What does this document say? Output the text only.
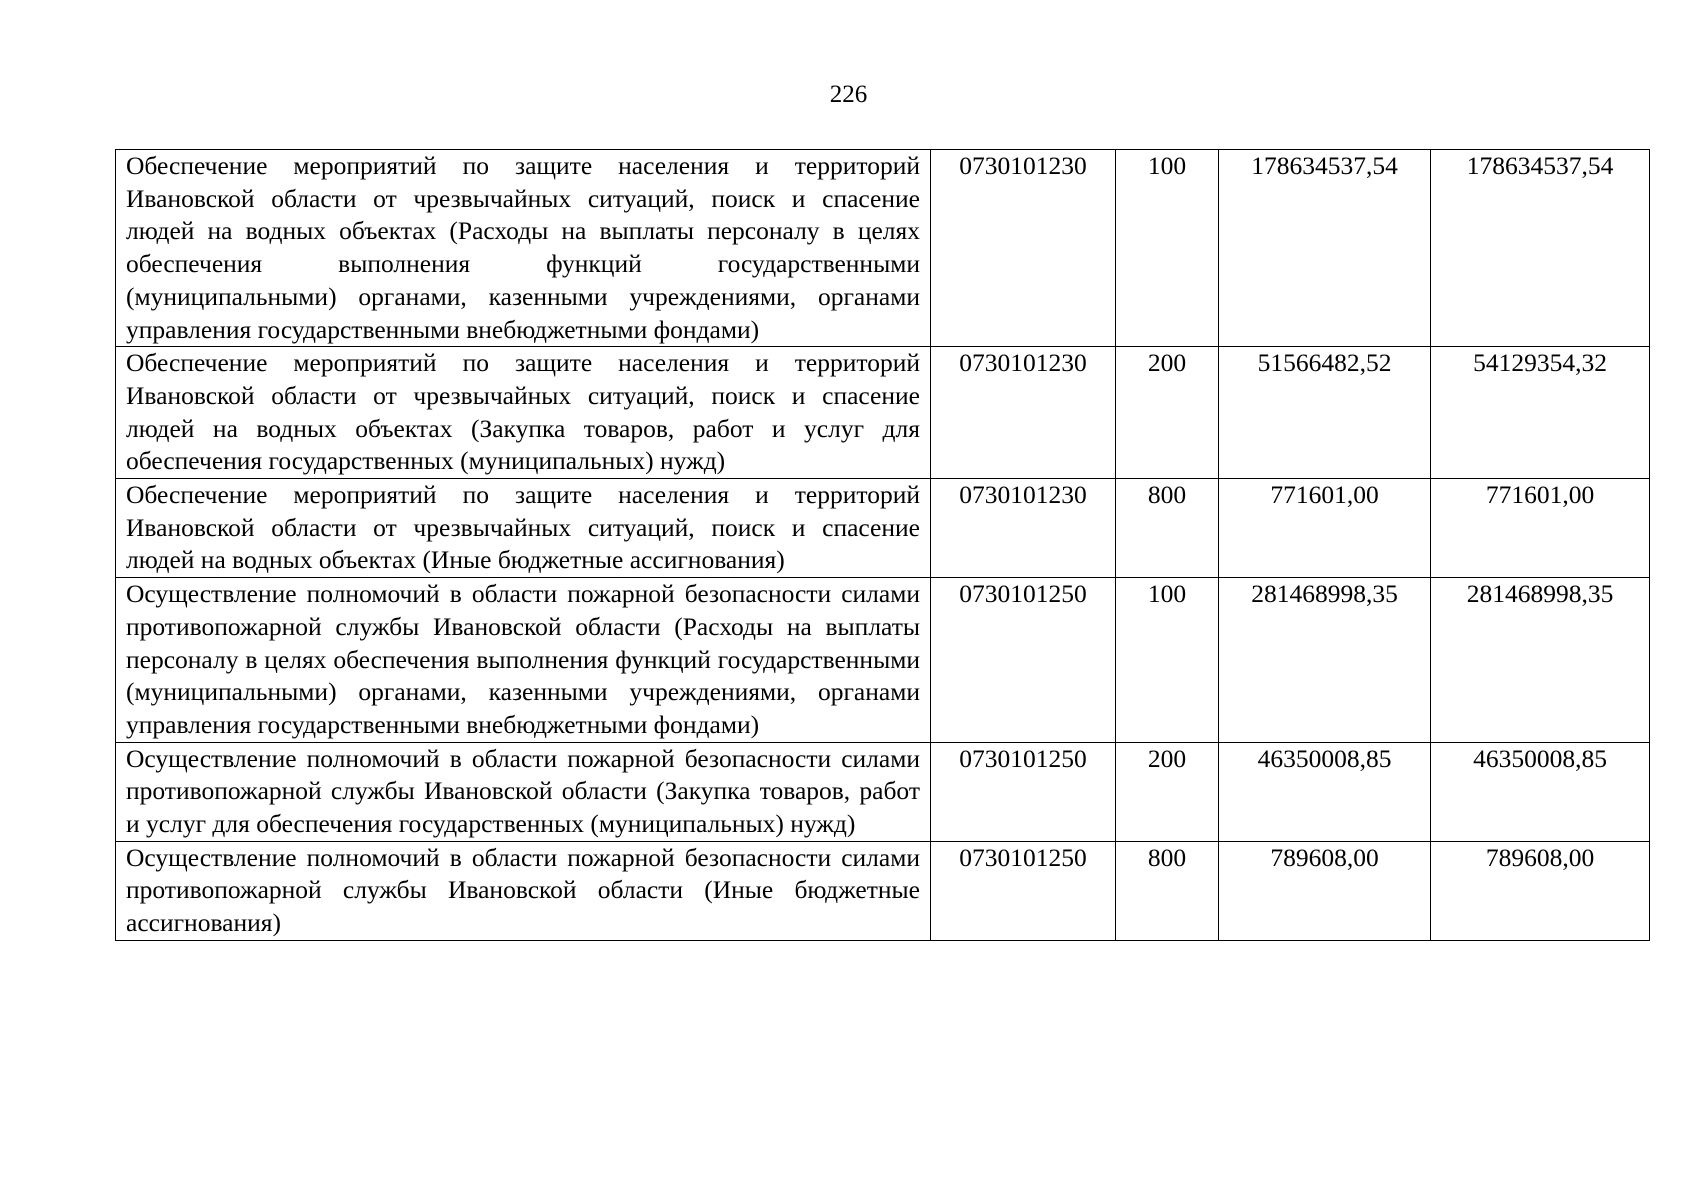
226
Обеспечение мероприятий по защите населения и территорий Ивановской области от чрезвычайных ситуаций, поиск и спасение людей на водных объектах (Расходы на выплаты персоналу в целях обеспечения выполнения функций государственными (муниципальными) органами, казенными учреждениями, органами управления государственными внебюджетными фондами)	0730101230	100	178634537,54	178634537,54
Обеспечение мероприятий по защите населения и территорий Ивановской области от чрезвычайных ситуаций, поиск и спасение людей на водных объектах (Закупка товаров, работ и услуг для обеспечения государственных (муниципальных) нужд)	0730101230	200	51566482,52	54129354,32
Обеспечение мероприятий по защите населения и территорий Ивановской области от чрезвычайных ситуаций, поиск и спасение людей на водных объектах (Иные бюджетные ассигнования)	0730101230	800	771601,00	771601,00
Осуществление полномочий в области пожарной безопасности силами противопожарной службы Ивановской области (Расходы на выплаты персоналу в целях обеспечения выполнения функций государственными (муниципальными) органами, казенными учреждениями, органами управления государственными внебюджетными фондами)	0730101250	100	281468998,35	281468998,35
Осуществление полномочий в области пожарной безопасности силами противопожарной службы Ивановской области (Закупка товаров, работ и услуг для обеспечения государственных (муниципальных) нужд)	0730101250	200	46350008,85	46350008,85
Осуществление полномочий в области пожарной безопасности силами противопожарной службы Ивановской области (Иные бюджетные ассигнования)	0730101250	800	789608,00	789608,00
